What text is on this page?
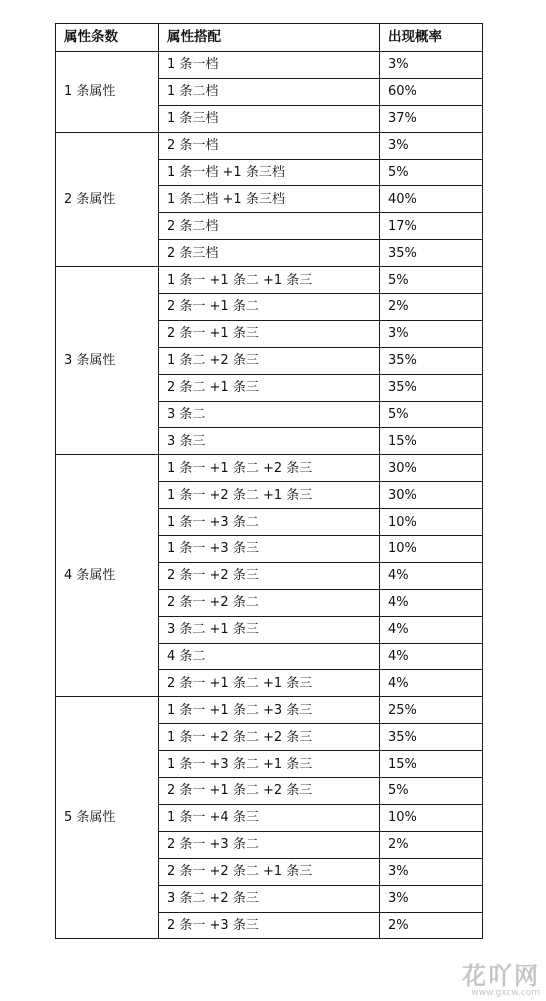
属性条数	属性搭配	出现概率
1 条属性	1 条一档	3%
	1 条二档	60%
	1 条三档	37%
2 条属性	2 条一档	3%
	1 条一档 +1 条三档	5%
	1 条二档 +1 条三档	40%
	2 条二档	17%
	2 条三档	35%
3 条属性	1 条一 +1 条二 +1 条三	5%
	2 条一 +1 条二	2%
	2 条一 +1 条三	3%
	1 条二 +2 条三	35%
	2 条二 +1 条三	35%
	3 条二	5%
	3 条三	15%
4 条属性	1 条一 +1 条二 +2 条三	30%
	1 条一 +2 条二 +1 条三	30%
	1 条一 +3 条二	10%
	1 条一 +3 条三	10%
	2 条一 +2 条三	4%
	2 条一 +2 条二	4%
	3 条二 +1 条三	4%
	4 条二	4%
	2 条一 +1 条二 +1 条三	4%
5 条属性	1 条一 +1 条二 +3 条三	25%
	1 条一 +2 条二 +2 条三	35%
	1 条一 +3 条二 +1 条三	15%
	2 条一 +1 条二 +2 条三	5%
	1 条一 +4 条三	10%
	2 条一 +3 条二	2%
	2 条一 +2 条二 +1 条三	3%
	3 条二 +2 条三	3%
	2 条一 +3 条三	2%
花吖网
www.gxcw.com
